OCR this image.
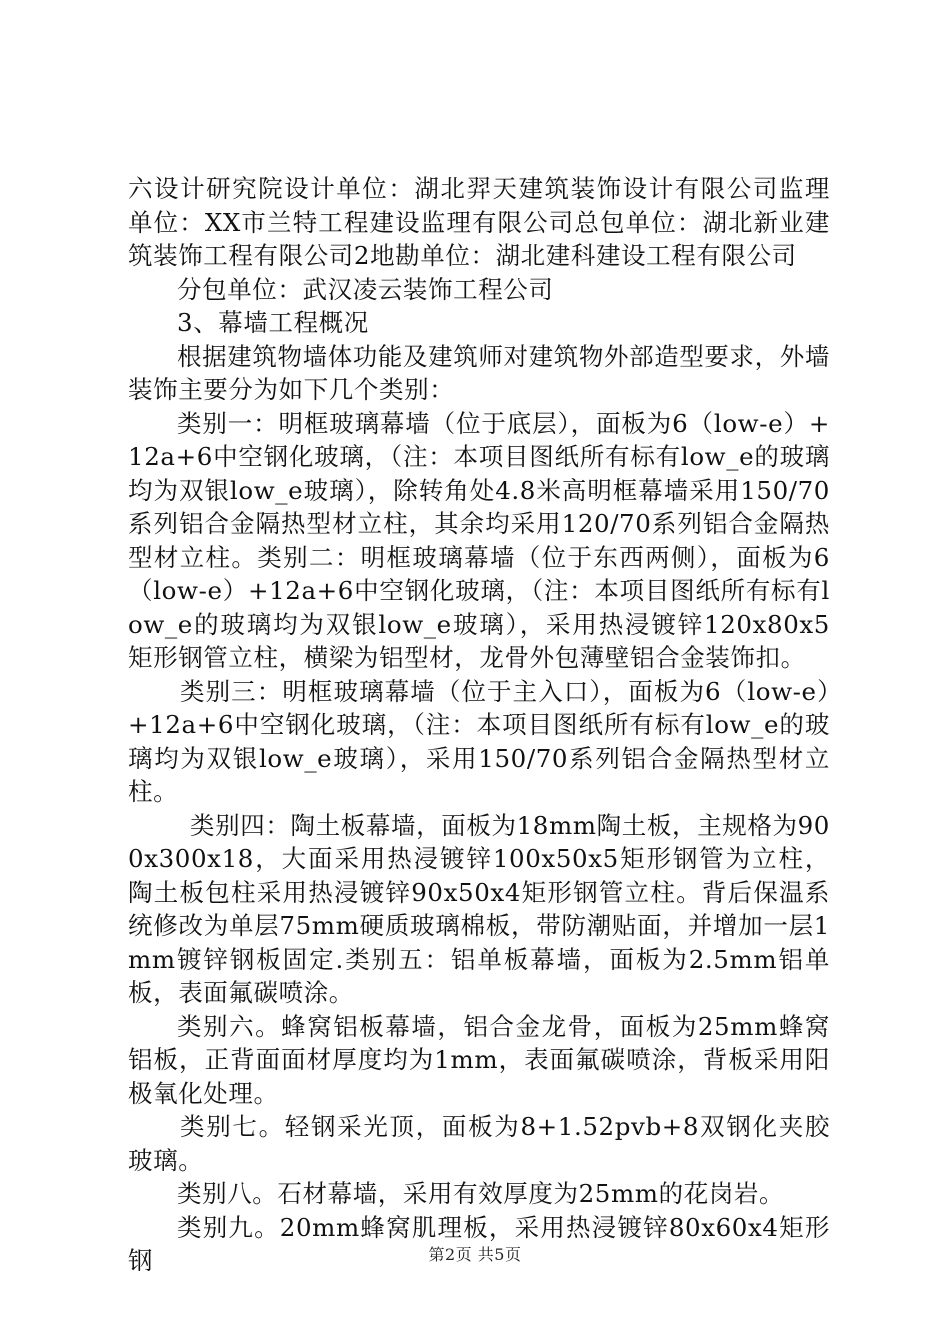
六设计研究院设计单位：湖北羿天建筑装饰设计有限公司监理单位：XX市兰特工程建设监理有限公司总包单位：湖北新业建筑装饰工程有限公司2地勘单位：湖北建科建设工程有限公司

分包单位：武汉凌云装饰工程公司

3、幕墙工程概况

根据建筑物墙体功能及建筑师对建筑物外部造型要求，外墙装饰主要分为如下几个类别：

类别一：明框玻璃幕墙（位于底层），面板为6（low-e）+12a+6中空钢化玻璃，（注：本项目图纸所有标有low_e的玻璃均为双银low_e玻璃），除转角处4.8米高明框幕墙采用150/70系列铝合金隔热型材立柱，其余均采用120/70系列铝合金隔热型材立柱。类别二：明框玻璃幕墙（位于东西两侧），面板为6（low-e）+12a+6中空钢化玻璃，（注：本项目图纸所有标有low_e的玻璃均为双银low_e玻璃），采用热浸镀锌120x80x5矩形钢管立柱，横梁为铝型材，龙骨外包薄壁铝合金装饰扣。

类别三：明框玻璃幕墙（位于主入口），面板为6（low-e）+12a+6中空钢化玻璃，（注：本项目图纸所有标有low_e的玻璃均为双银low_e玻璃），采用150/70系列铝合金隔热型材立柱。

类别四：陶土板幕墙，面板为18mm陶土板，主规格为900x300x18，大面采用热浸镀锌100x50x5矩形钢管为立柱，陶土板包柱采用热浸镀锌90x50x4矩形钢管立柱。背后保温系统修改为单层75mm硬质玻璃棉板，带防潮贴面，并增加一层1mm镀锌钢板固定.类别五：铝单板幕墙，面板为2.5mm铝单板，表面氟碳喷涂。

类别六。蜂窝铝板幕墙，铝合金龙骨，面板为25mm蜂窝铝板，正背面面材厚度均为1mm，表面氟碳喷涂，背板采用阳极氧化处理。

类别七。轻钢采光顶，面板为8+1.52pvb+8双钢化夹胶玻璃。

类别八。石材幕墙，采用有效厚度为25mm的花岗岩。

类别九。20mm蜂窝肌理板，采用热浸镀锌80x60x4矩形钢	第2页 共5页
